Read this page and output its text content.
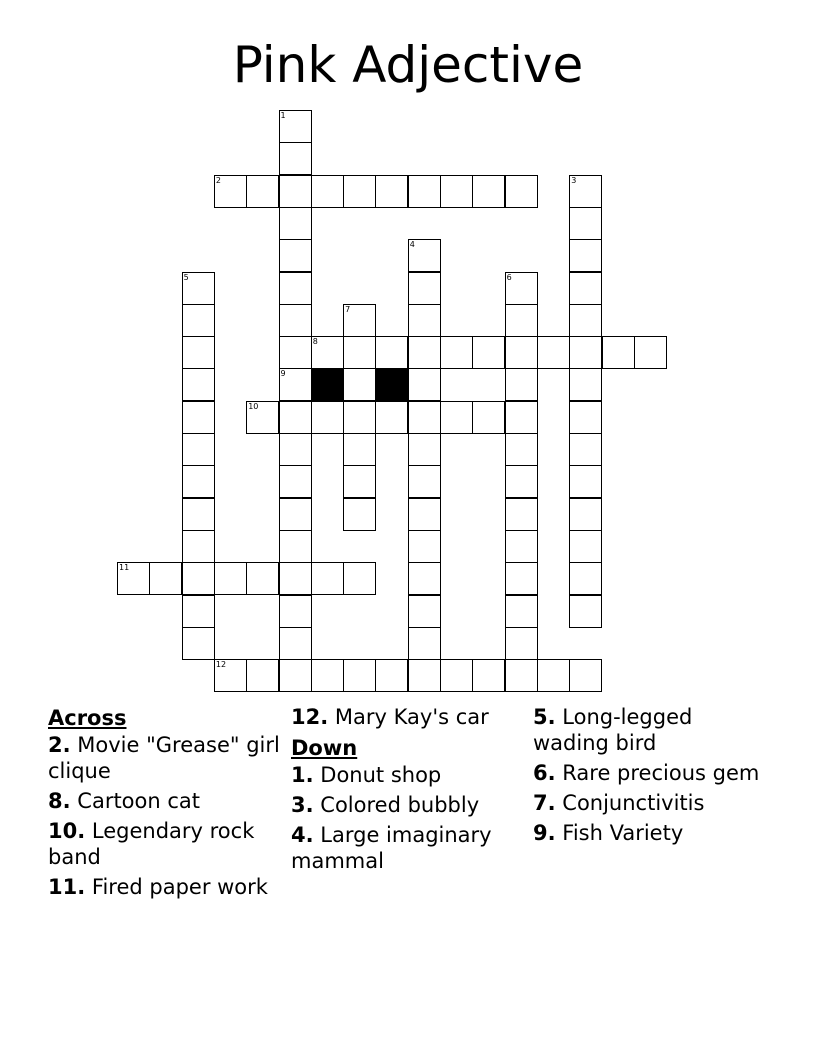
Pink Adjective
2
8
9
10
11
12
1
3
4
5	6
7

Across

2. Movie "Grease" girl clique

8. Cartoon cat

10. Legendary rock band

11. Fired paper work

12. Mary Kay's car

Down

1. Donut shop

3. Colored bubbly

4. Large imaginary mammal

5. Long-legged wading bird

6. Rare precious gem

7. Conjunctivitis

9. Fish Variety
